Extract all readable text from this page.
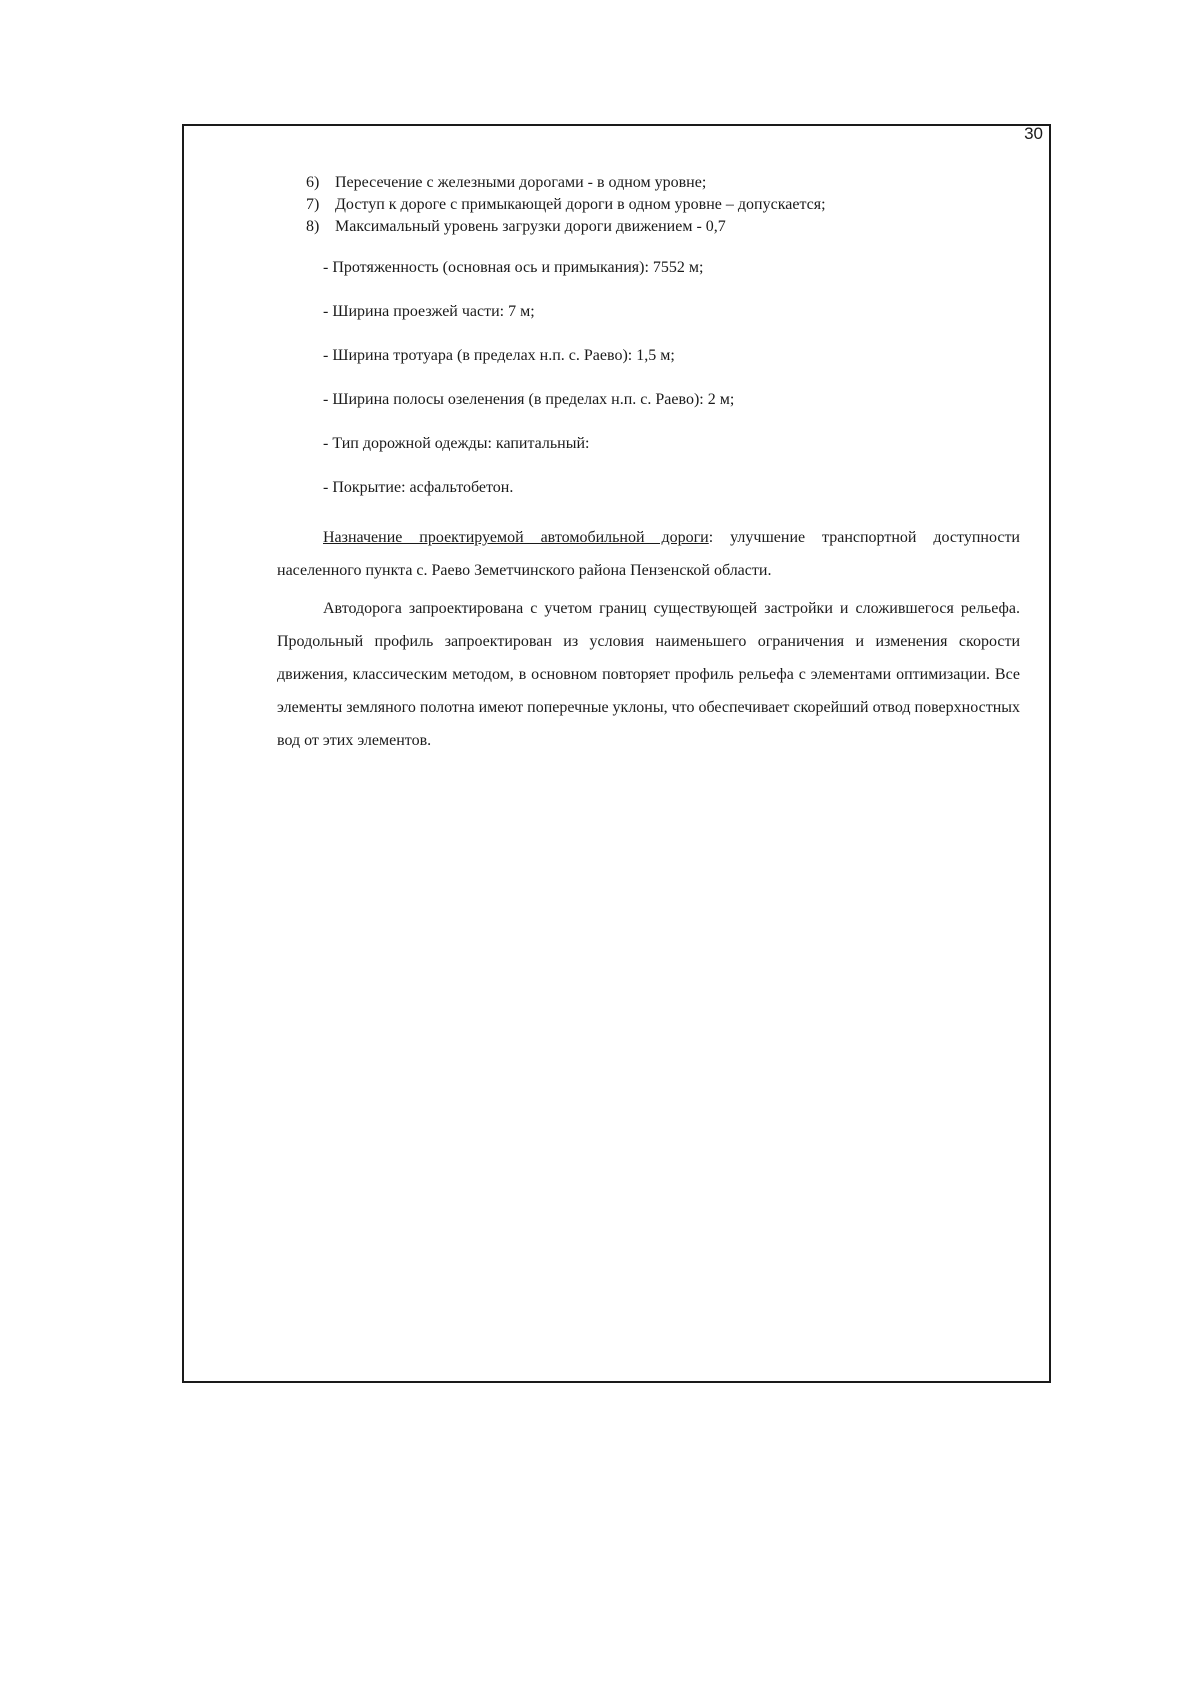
30
6) Пересечение с железными дорогами - в одном уровне;
7) Доступ к дороге с примыкающей дороги в одном уровне – допускается;
8) Максимальный уровень загрузки дороги движением - 0,7
- Протяженность (основная ось и примыкания): 7552 м;
- Ширина проезжей части: 7 м;
- Ширина тротуара (в пределах н.п. с. Раево): 1,5 м;
- Ширина полосы озеленения (в пределах н.п. с. Раево): 2 м;
- Тип дорожной одежды: капитальный:
- Покрытие: асфальтобетон.

Назначение проектируемой автомобильной дороги: улучшение транспортной доступности населенного пункта с. Раево Земетчинского района Пензенской области.

Автодорога запроектирована с учетом границ существующей застройки и сложившегося рельефа. Продольный профиль запроектирован из условия наименьшего ограничения и изменения скорости движения, классическим методом, в основном повторяет профиль рельефа с элементами оптимизации. Все элементы земляного полотна имеют поперечные уклоны, что обеспечивает скорейший отвод поверхностных вод от этих элементов.
